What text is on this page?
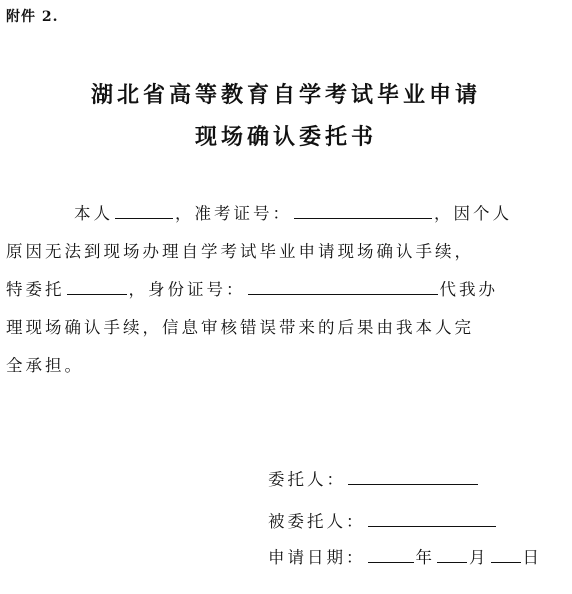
附件 2.
湖北省高等教育自学考试毕业申请
现场确认委托书
本人	，准考证号：	，因个人
原因无法到现场办理自学考试毕业申请现场确认手续，
特委托	，身份证号：	代我办
理现场确认手续，信息审核错误带来的后果由我本人完
全承担。
委托人：
被委托人：
申请日期：	年 月 日
